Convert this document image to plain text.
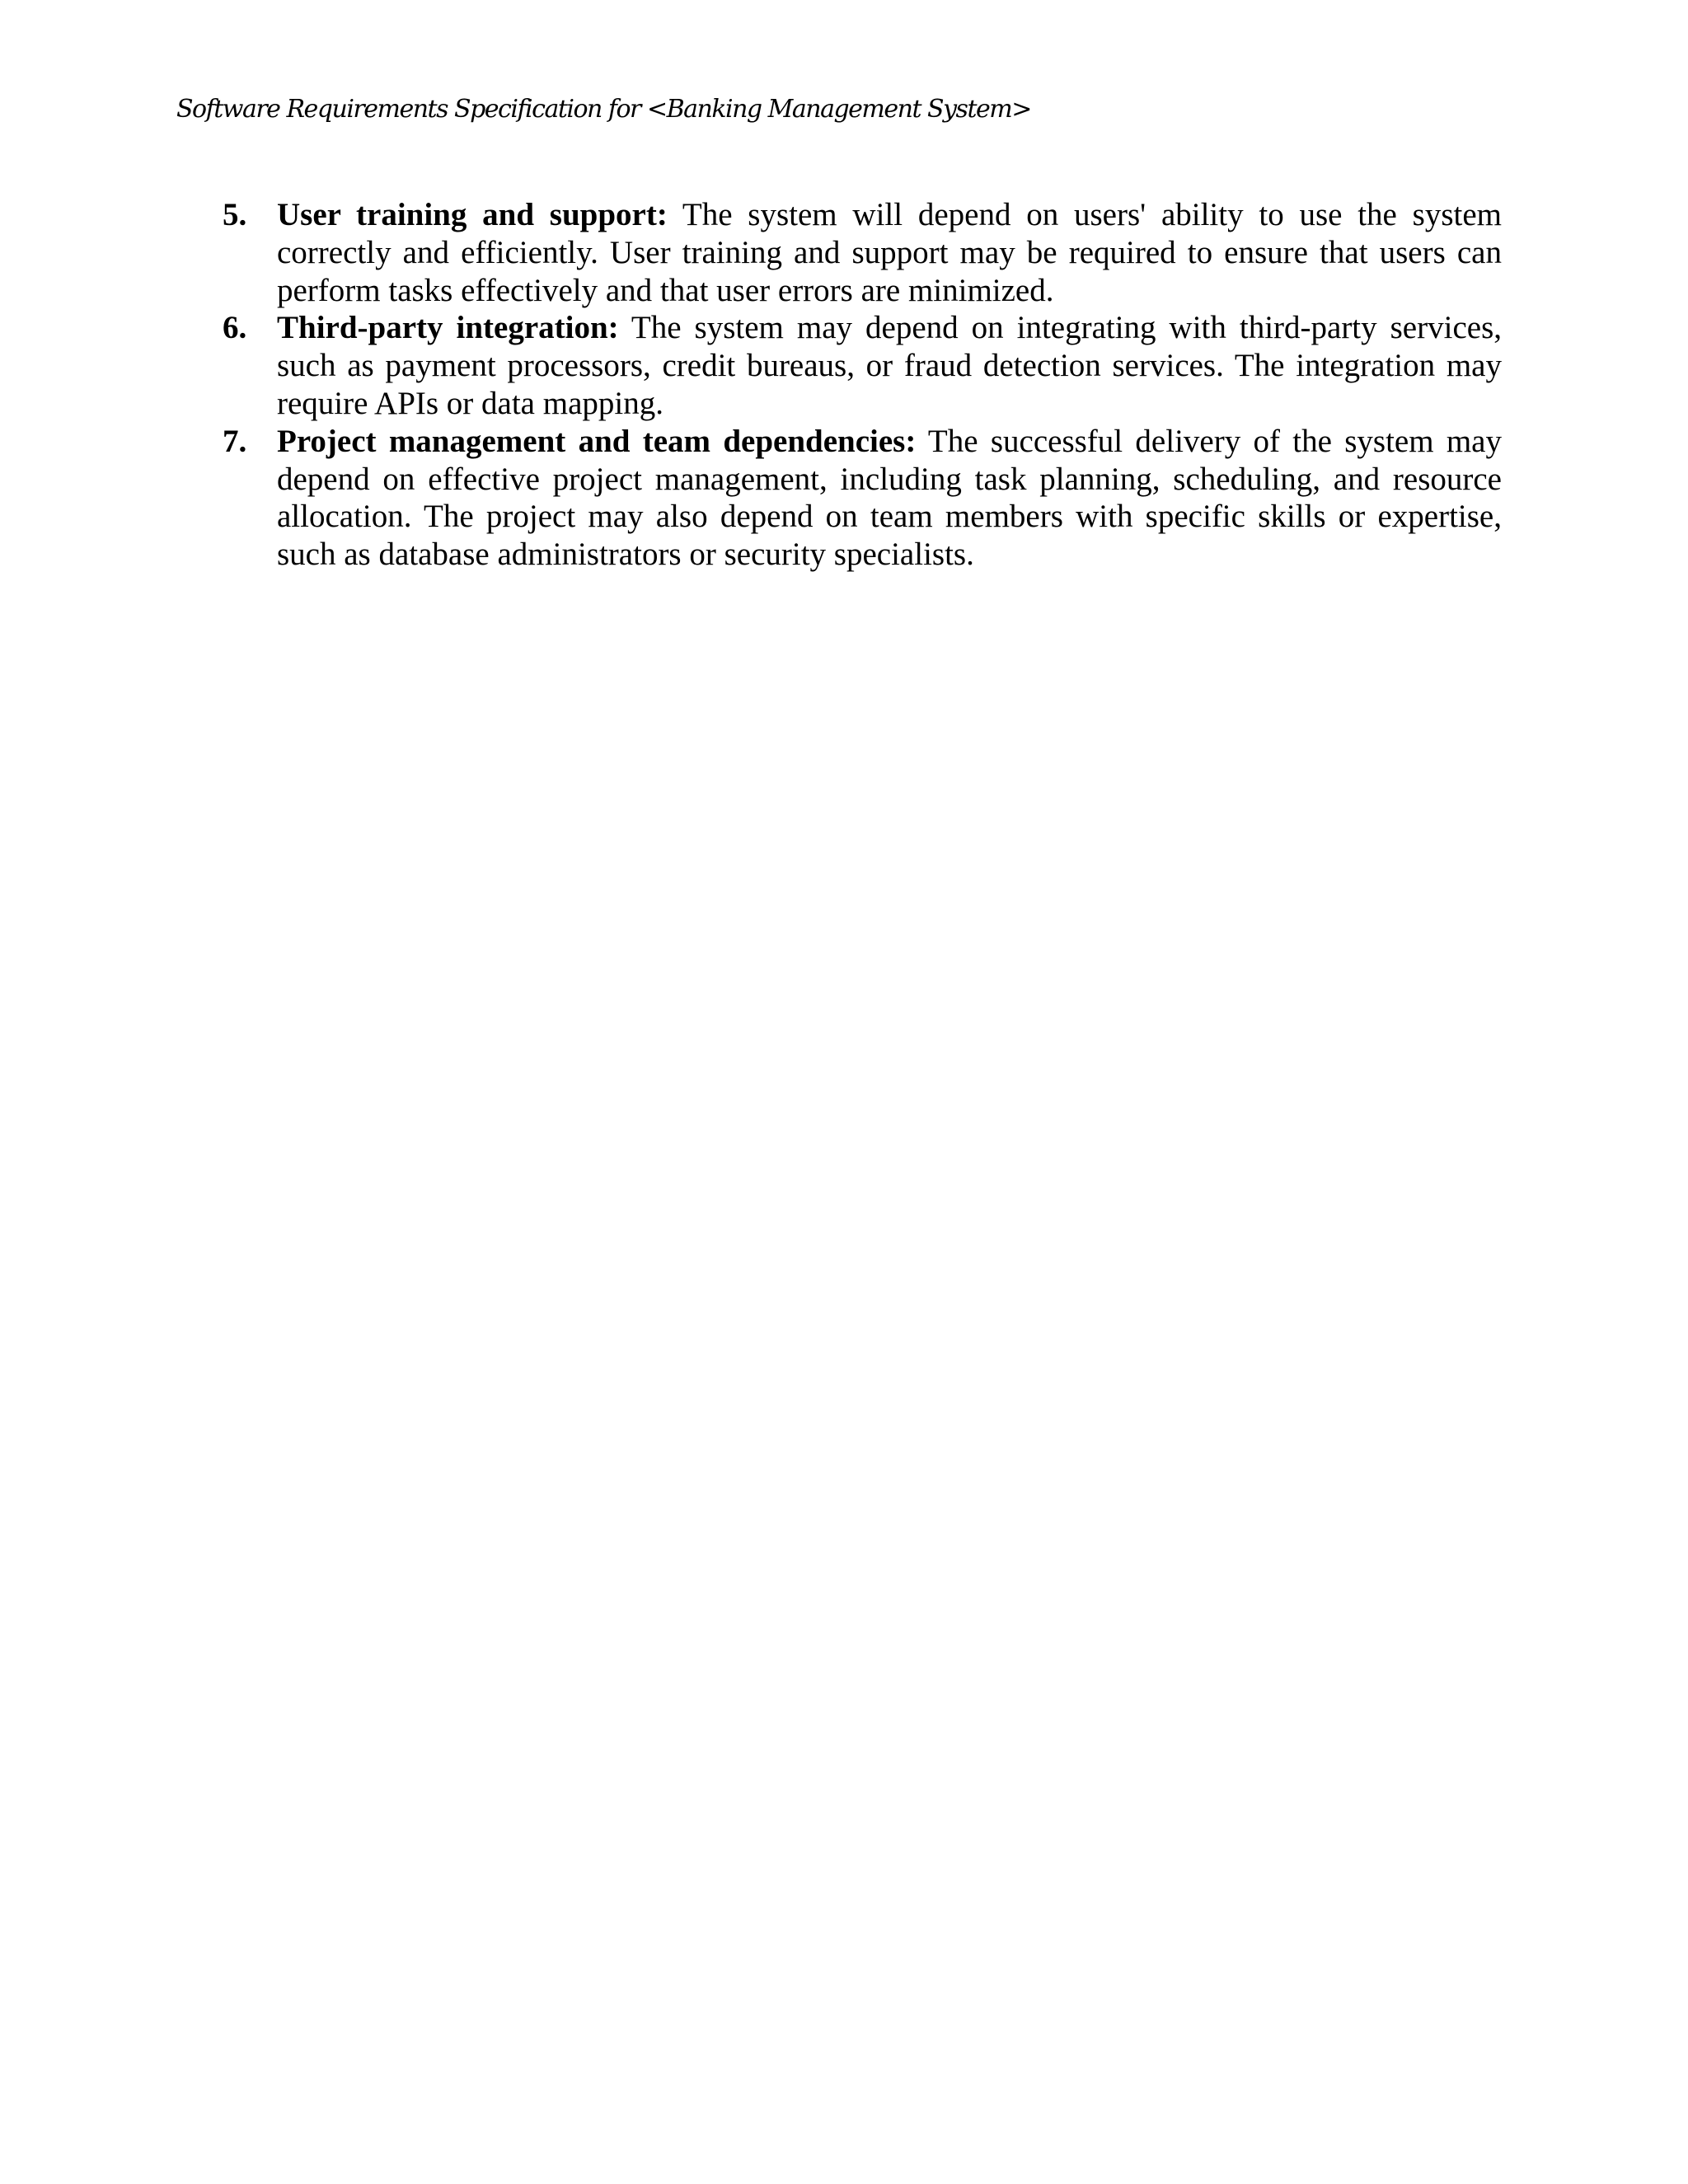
Software Requirements Specification for <Banking Management System>
5. User training and support: The system will depend on users' ability to use the system correctly and efficiently. User training and support may be required to ensure that users can perform tasks effectively and that user errors are minimized.
6. Third-party integration: The system may depend on integrating with third-party services, such as payment processors, credit bureaus, or fraud detection services. The integration may require APIs or data mapping.
7. Project management and team dependencies: The successful delivery of the system may depend on effective project management, including task planning, scheduling, and resource allocation. The project may also depend on team members with specific skills or expertise, such as database administrators or security specialists.
